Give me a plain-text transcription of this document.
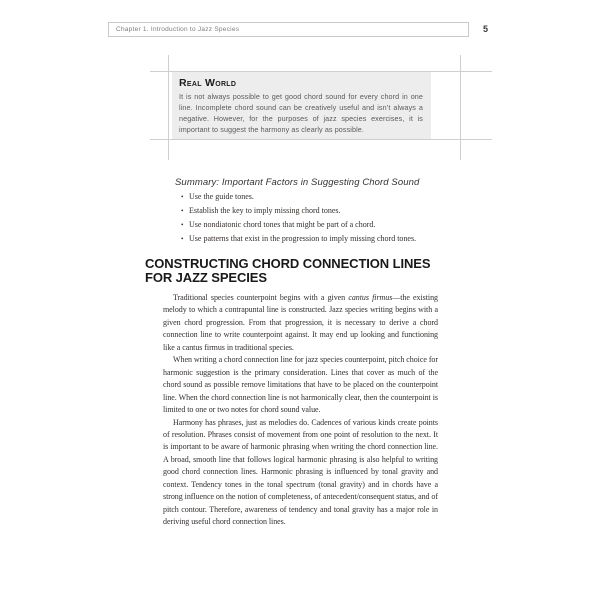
Chapter 1. Introduction to Jazz Species	5
Real World
It is not always possible to get good chord sound for every chord in one line. Incomplete chord sound can be creatively useful and isn’t always a negative. However, for the purposes of jazz species exercises, it is important to suggest the harmony as clearly as possible.
Summary: Important Factors in Suggesting Chord Sound
• Use the guide tones.
• Establish the key to imply missing chord tones.
• Use nondiatonic chord tones that might be part of a chord.
• Use patterns that exist in the progression to imply missing chord tones.
CONSTRUCTING CHORD CONNECTION LINES
FOR JAZZ SPECIES

Traditional species counterpoint begins with a given cantus firmus—the existing melody to which a contrapuntal line is constructed. Jazz species writing begins with a given chord progression. From that progression, it is necessary to derive a chord connection line to write counterpoint against. It may end up looking and functioning like a cantus firmus in traditional species.

When writing a chord connection line for jazz species counterpoint, pitch choice for harmonic suggestion is the primary consideration. Lines that cover as much of the chord sound as possible remove limitations that have to be placed on the counterpoint line. When the chord connection line is not harmonically clear, then the counterpoint is limited to one or two notes for chord sound value.

Harmony has phrases, just as melodies do. Cadences of various kinds create points of resolution. Phrases consist of movement from one point of resolution to the next. It is important to be aware of harmonic phrasing when writing the chord connection line. A broad, smooth line that follows logical harmonic phrasing is also helpful to writing good chord connection lines. Harmonic phrasing is influenced by tonal gravity and context. Tendency tones in the tonal spectrum (tonal gravity) and in chords have a strong influence on the notion of completeness, of antecedent/consequent status, and of pitch contour. Therefore, awareness of tendency and tonal gravity has a major role in deriving useful chord connection lines.
